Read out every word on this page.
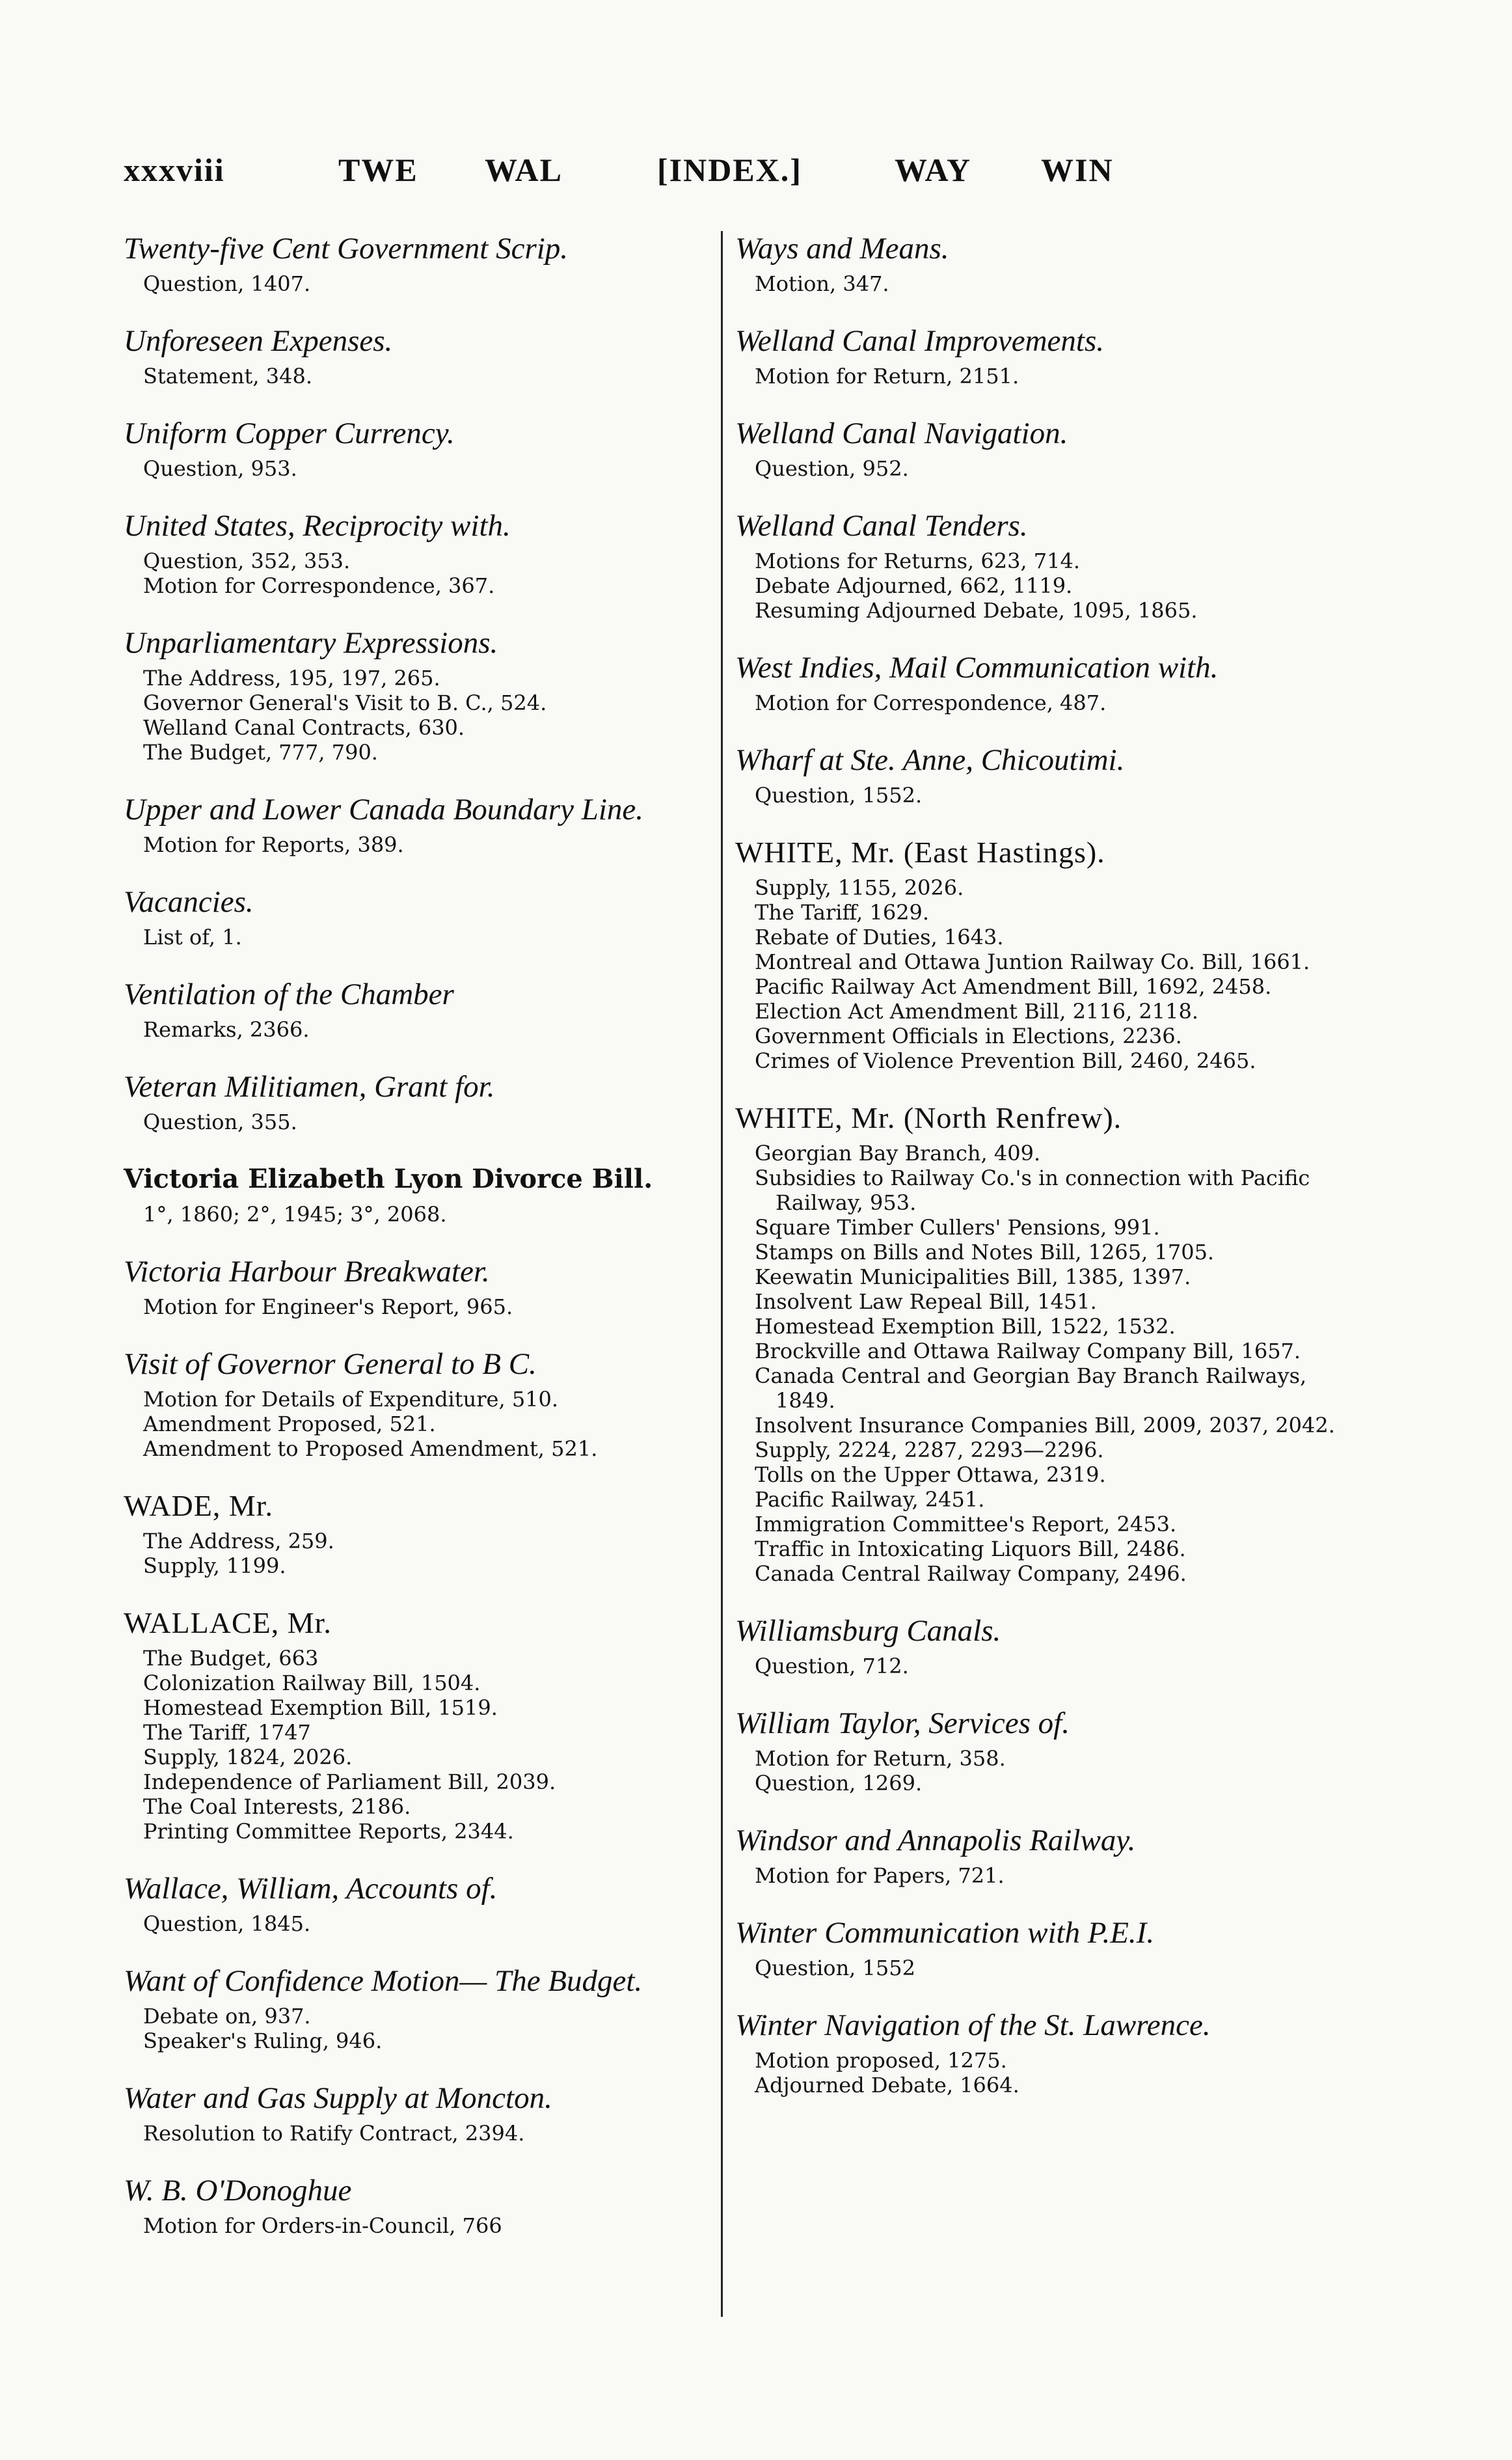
xxxviii	TWE WAL	[INDEX.]	WAY WIN
Twenty-five Cent Government Scrip.
Question, 1407.
Unforeseen Expenses.
Statement, 348.
Uniform Copper Currency.
Question, 953.
United States, Reciprocity with.
Question, 352, 353.
Motion for Correspondence, 367.
Unparliamentary Expressions.
The Address, 195, 197, 265.
Governor General's Visit to B. C., 524.
Welland Canal Contracts, 630.
The Budget, 777, 790.
Upper and Lower Canada Boundary Line.
Motion for Reports, 389.
Vacancies.
List of, 1.
Ventilation of the Chamber
Remarks, 2366.
Veteran Militiamen, Grant for.
Question, 355.
Victoria Elizabeth Lyon Divorce Bill.
1°, 1860; 2°, 1945; 3°, 2068.
Victoria Harbour Breakwater.
Motion for Engineer's Report, 965.
Visit of Governor General to B C.
Motion for Details of Expenditure, 510.
Amendment Proposed, 521.
Amendment to Proposed Amendment, 521.
WADE, Mr.
The Address, 259.
Supply, 1199.
WALLACE, Mr.
The Budget, 663
Colonization Railway Bill, 1504.
Homestead Exemption Bill, 1519.
The Tariff, 1747
Supply, 1824, 2026.
Independence of Parliament Bill, 2039.
The Coal Interests, 2186.
Printing Committee Reports, 2344.
Wallace, William, Accounts of.
Question, 1845.
Want of Confidence Motion— The Budget.
Debate on, 937.
Speaker's Ruling, 946.
Water and Gas Supply at Moncton.
Resolution to Ratify Contract, 2394.
W. B. O'Donoghue
Motion for Orders-in-Council, 766
Ways and Means.
Motion, 347.
Welland Canal Improvements.
Motion for Return, 2151.
Welland Canal Navigation.
Question, 952.
Welland Canal Tenders.
Motions for Returns, 623, 714.
Debate Adjourned, 662, 1119.
Resuming Adjourned Debate, 1095, 1865.
West Indies, Mail Communication with.
Motion for Correspondence, 487.
Wharf at Ste. Anne, Chicoutimi.
Question, 1552.
WHITE, Mr. (East Hastings).
Supply, 1155, 2026.
The Tariff, 1629.
Rebate of Duties, 1643.
Montreal and Ottawa Juntion Railway Co. Bill, 1661.
Pacific Railway Act Amendment Bill, 1692, 2458.
Election Act Amendment Bill, 2116, 2118.
Government Officials in Elections, 2236.
Crimes of Violence Prevention Bill, 2460, 2465.
WHITE, Mr. (North Renfrew).
Georgian Bay Branch, 409.
Subsidies to Railway Co.'s in connection with Pacific Railway, 953.
Square Timber Cullers' Pensions, 991.
Stamps on Bills and Notes Bill, 1265, 1705.
Keewatin Municipalities Bill, 1385, 1397.
Insolvent Law Repeal Bill, 1451.
Homestead Exemption Bill, 1522, 1532.
Brockville and Ottawa Railway Company Bill, 1657.
Canada Central and Georgian Bay Branch Railways, 1849.
Insolvent Insurance Companies Bill, 2009, 2037, 2042.
Supply, 2224, 2287, 2293—2296.
Tolls on the Upper Ottawa, 2319.
Pacific Railway, 2451.
Immigration Committee's Report, 2453.
Traffic in Intoxicating Liquors Bill, 2486.
Canada Central Railway Company, 2496.
Williamsburg Canals.
Question, 712.
William Taylor, Services of.
Motion for Return, 358.
Question, 1269.
Windsor and Annapolis Railway.
Motion for Papers, 721.
Winter Communication with P.E.I.
Question, 1552
Winter Navigation of the St. Lawrence.
Motion proposed, 1275.
Adjourned Debate, 1664.
